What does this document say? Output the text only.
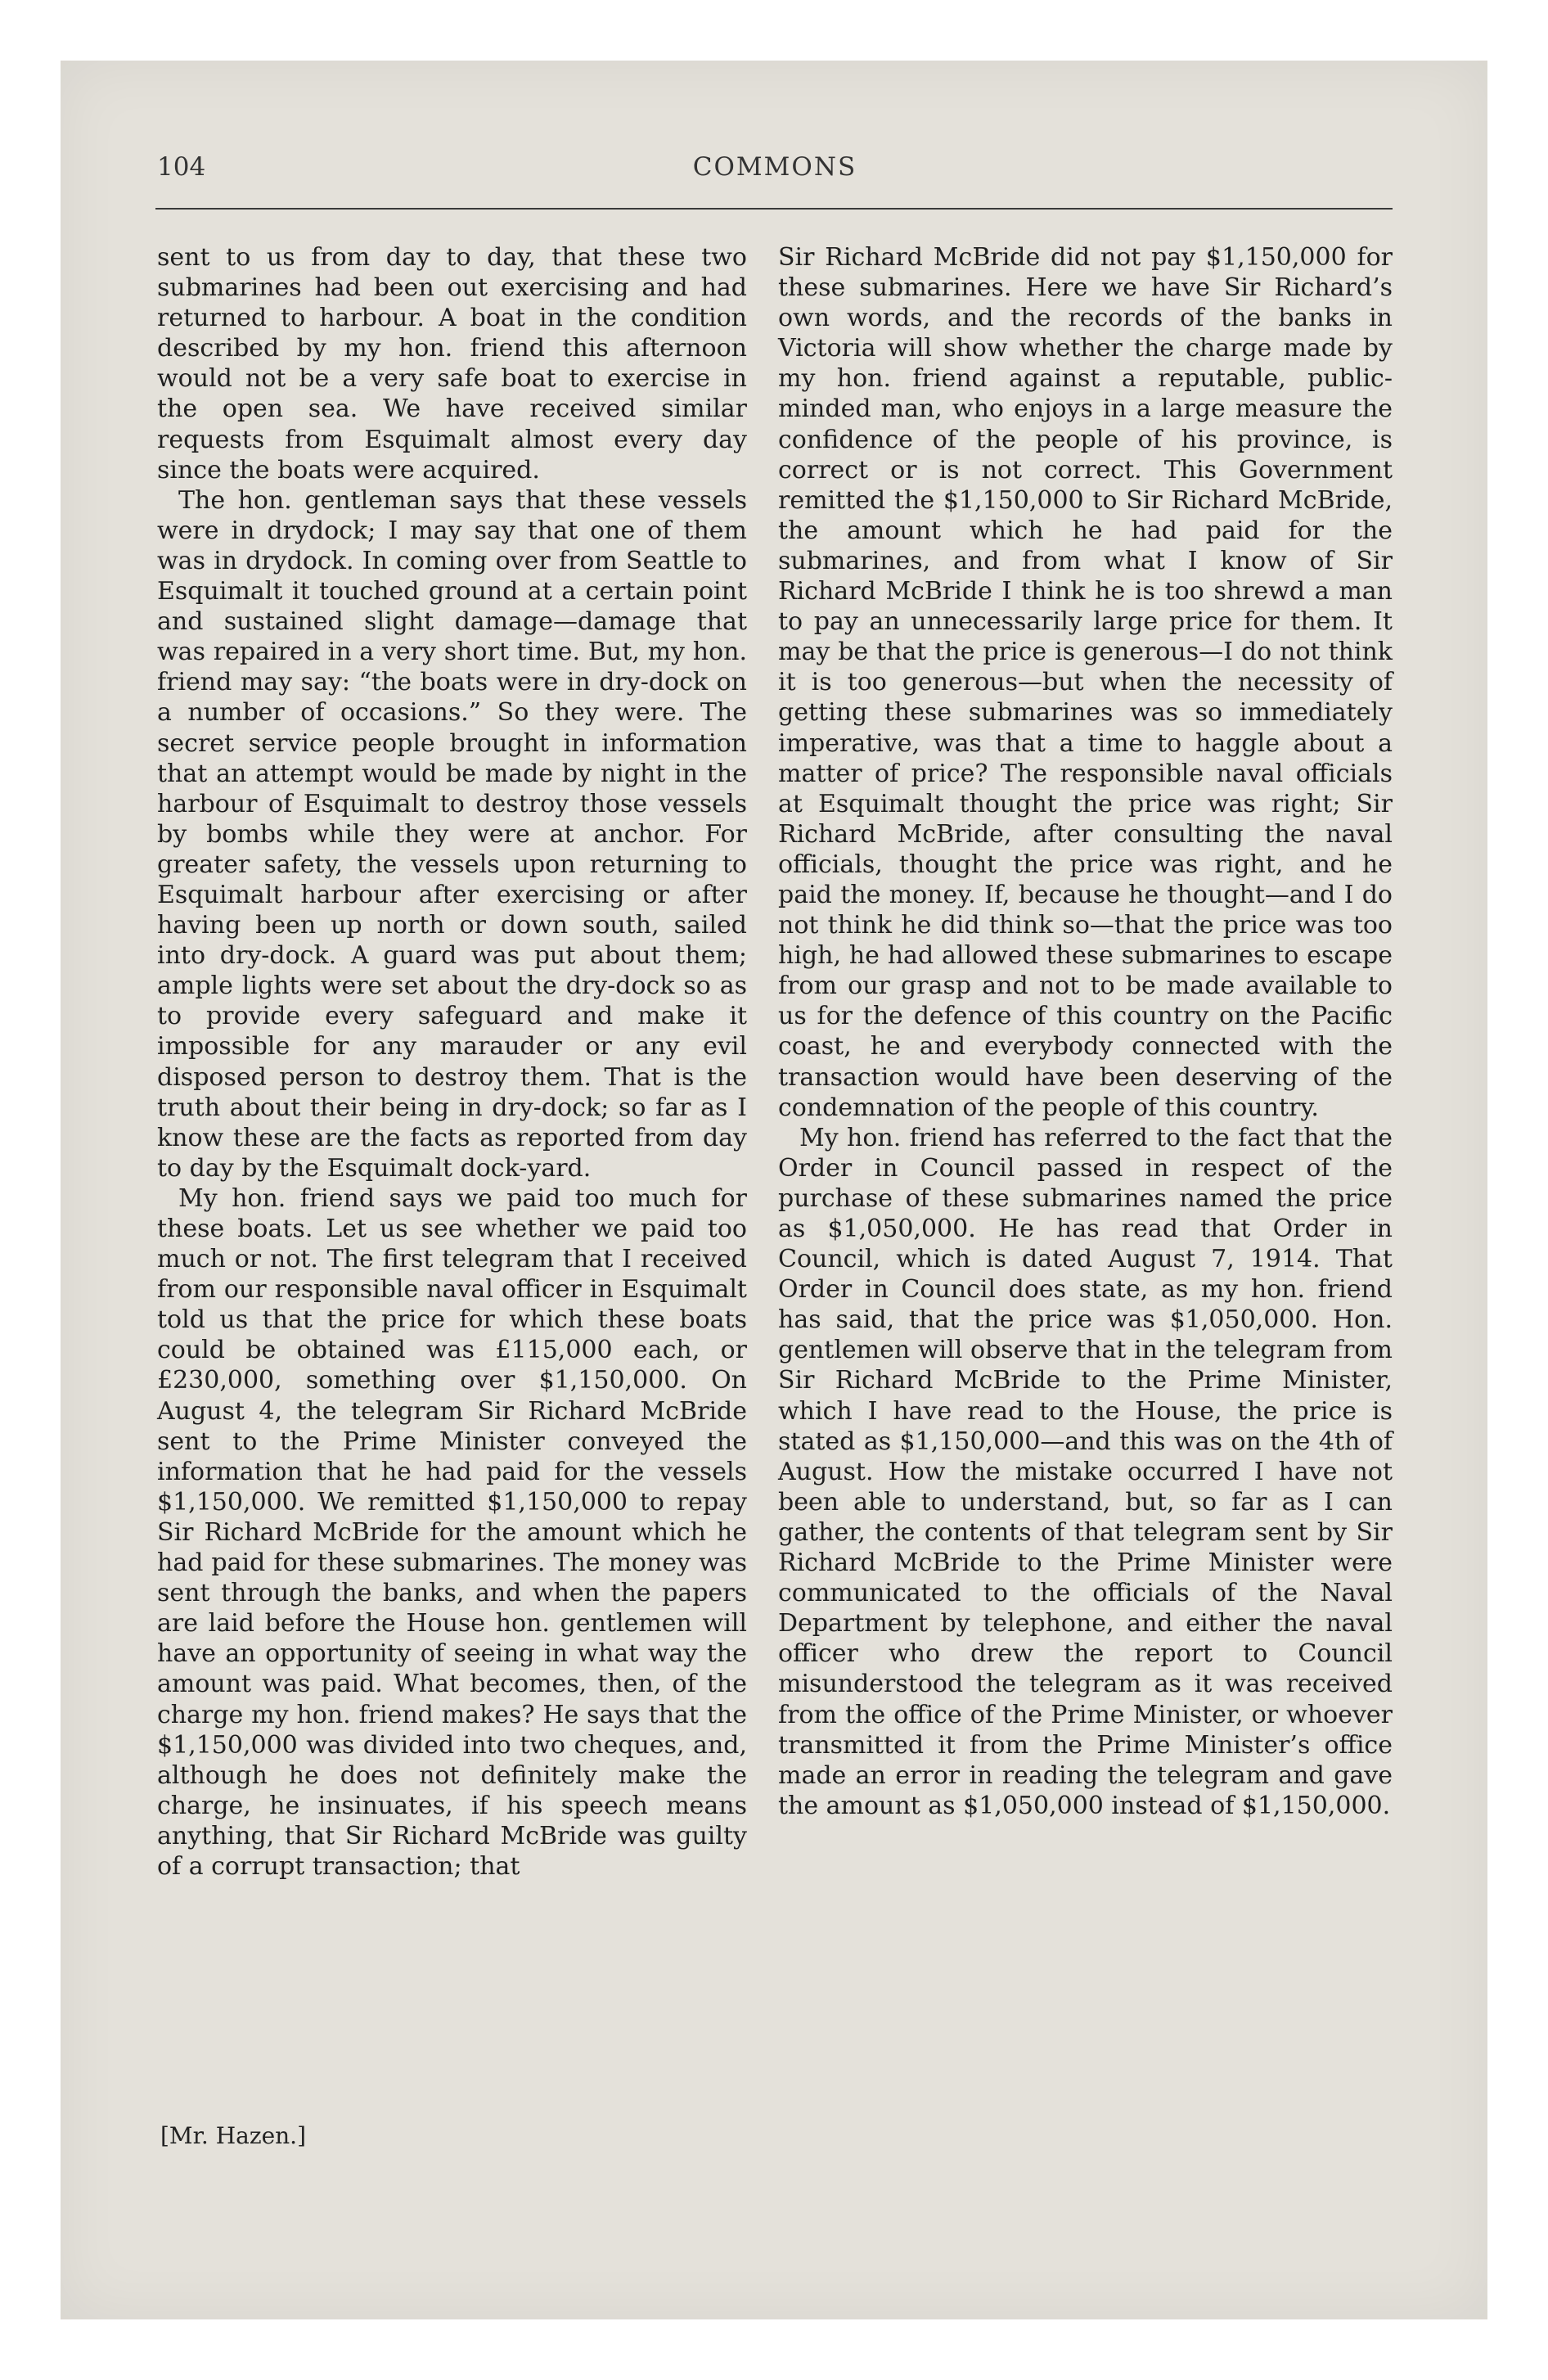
104	COMMONS

sent to us from day to day, that these two submarines had been out exercising and had returned to harbour. A boat in the condition described by my hon. friend this afternoon would not be a very safe boat to exercise in the open sea. We have received similar requests from Esquimalt almost every day since the boats were acquired.

The hon. gentleman says that these vessels were in drydock; I may say that one of them was in drydock. In coming over from Seattle to Esquimalt it touched ground at a certain point and sustained slight damage—damage that was repaired in a very short time. But, my hon. friend may say: “the boats were in dry-dock on a number of occasions.” So they were. The secret service people brought in information that an attempt would be made by night in the harbour of Esquimalt to destroy those vessels by bombs while they were at anchor. For greater safety, the vessels upon returning to Esquimalt harbour after exercising or after having been up north or down south, sailed into dry-dock. A guard was put about them; ample lights were set about the dry-dock so as to provide every safeguard and make it impossible for any marauder or any evil disposed person to destroy them. That is the truth about their being in dry-dock; so far as I know these are the facts as reported from day to day by the Esquimalt dock-yard.

My hon. friend says we paid too much for these boats. Let us see whether we paid too much or not. The first telegram that I received from our responsible naval officer in Esquimalt told us that the price for which these boats could be obtained was £115,000 each, or £230,000, something over $1,150,000. On August 4, the telegram Sir Richard McBride sent to the Prime Minister conveyed the information that he had paid for the vessels $1,150,000. We remitted $1,150,000 to repay Sir Richard McBride for the amount which he had paid for these submarines. The money was sent through the banks, and when the papers are laid before the House hon. gentlemen will have an opportunity of seeing in what way the amount was paid. What becomes, then, of the charge my hon. friend makes? He says that the $1,150,000 was divided into two cheques, and, although he does not definitely make the charge, he insinuates, if his speech means anything, that Sir Richard McBride was guilty of a corrupt transaction; that

Sir Richard McBride did not pay $1,150,000 for these submarines. Here we have Sir Richard’s own words, and the records of the banks in Victoria will show whether the charge made by my hon. friend against a reputable, public-minded man, who enjoys in a large measure the confidence of the people of his province, is correct or is not correct. This Government remitted the $1,150,000 to Sir Richard McBride, the amount which he had paid for the submarines, and from what I know of Sir Richard McBride I think he is too shrewd a man to pay an unnecessarily large price for them. It may be that the price is generous—I do not think it is too generous—but when the necessity of getting these submarines was so immediately imperative, was that a time to haggle about a matter of price? The responsible naval officials at Esquimalt thought the price was right; Sir Richard McBride, after consulting the naval officials, thought the price was right, and he paid the money. If, because he thought—and I do not think he did think so—that the price was too high, he had allowed these submarines to escape from our grasp and not to be made available to us for the defence of this country on the Pacific coast, he and everybody connected with the transaction would have been deserving of the condemnation of the people of this country.

My hon. friend has referred to the fact that the Order in Council passed in respect of the purchase of these submarines named the price as $1,050,000. He has read that Order in Council, which is dated August 7, 1914. That Order in Council does state, as my hon. friend has said, that the price was $1,050,000. Hon. gentlemen will observe that in the telegram from Sir Richard McBride to the Prime Minister, which I have read to the House, the price is stated as $1,150,000—and this was on the 4th of August. How the mistake occurred I have not been able to understand, but, so far as I can gather, the contents of that telegram sent by Sir Richard McBride to the Prime Minister were communicated to the officials of the Naval Department by telephone, and either the naval officer who drew the report to Council misunderstood the telegram as it was received from the office of the Prime Minister, or whoever transmitted it from the Prime Minister’s office made an error in reading the telegram and gave the amount as $1,050,000 instead of $1,150,000.

[Mr. Hazen.]
